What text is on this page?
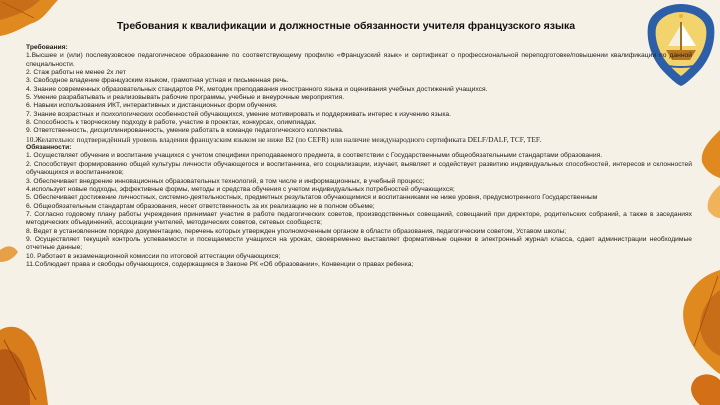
Требования к квалификации и должностные обязанности учителя французского языка

Требования:

1.Высшее и (или) послевузовское педагогическое образование по соответствующему профилю «Французский язык» и сертификат о профессиональной переподготовке/повышении квалификации по данной специальности.

2. Стаж работы не менее 2х лет

3. Свободное владение французским языком, грамотная устная и письменная речь.

4. Знание современных образовательных стандартов РК, методик преподавания иностранного языка и оценивания учебных достижений учащихся.

5. Умение разрабатывать и реализовывать рабочие программы, учебные и внеурочные мероприятия.

6. Навыки использования ИКТ, интерактивных и дистанционных форм обучения.

7. Знание возрастных и психологических особенностей обучающихся, умение мотивировать и поддерживать интерес к изучению языка.

8. Способность к творческому подходу в работе, участие в проектах, конкурсах, олимпиадах.

9. Ответственность, дисциплинированность, умение работать в команде педагогического коллектива.

10.Желательно: подтверждённый уровень владения французским языком не ниже B2 (по CEFR) или наличие международного сертификата DELF/DALF, TCF, TEF.

Обязанности:

1. Осуществляет обучение и воспитание учащихся с учетом специфики преподаваемого предмета, в соответствии с Государственными общеобязательными стандартами образования.

2. Способствует формированию общей культуры личности обучающегося и воспитанника, его социализации, изучает, выявляет и содействует развитию индивидуальных способностей, интересов и склонностей обучающихся и воспитанников;

3. Обеспечивает внедрение инновационных образовательных технологий, в том числе и информационных, в учебный процесс;

4.использует новые подходы, эффективные формы, методы и средства обучения с учетом индивидуальных потребностей обучающихся;

5. Обеспечивает достижение личностных, системно-деятельностных, предметных результатов обучающимися и воспитанниками не ниже уровня, предусмотренного Государственным

6. Общеобязательным стандартам образования, несет ответственность за их реализацию не в полном объеме;

7. Согласно годовому плану работы учреждения принимает участие в работе педагогических советов, производственных совещаний, совещаний при директоре, родительских собраний, а также в заседаниях методических объединений, ассоциации учителей, методических советов, сетевых сообществ;

8. Ведет в установленном порядке документацию, перечень которых утвержден уполномоченным органом в области образования, педагогическим советом, Уставом школы;

9. Осуществляет текущий контроль успеваемости и посещаемости учащихся на уроках, своевременно выставляет формативные оценки в электронный журнал класса, сдает администрации необходимые отчетные данные;

10. Работает в экзаменационной комиссии по итоговой аттестации обучающихся;

11.Соблюдает права и свободы обучающихся, содержащиеся в Законе РК «Об образовании», Конвенции о правах ребенка;
